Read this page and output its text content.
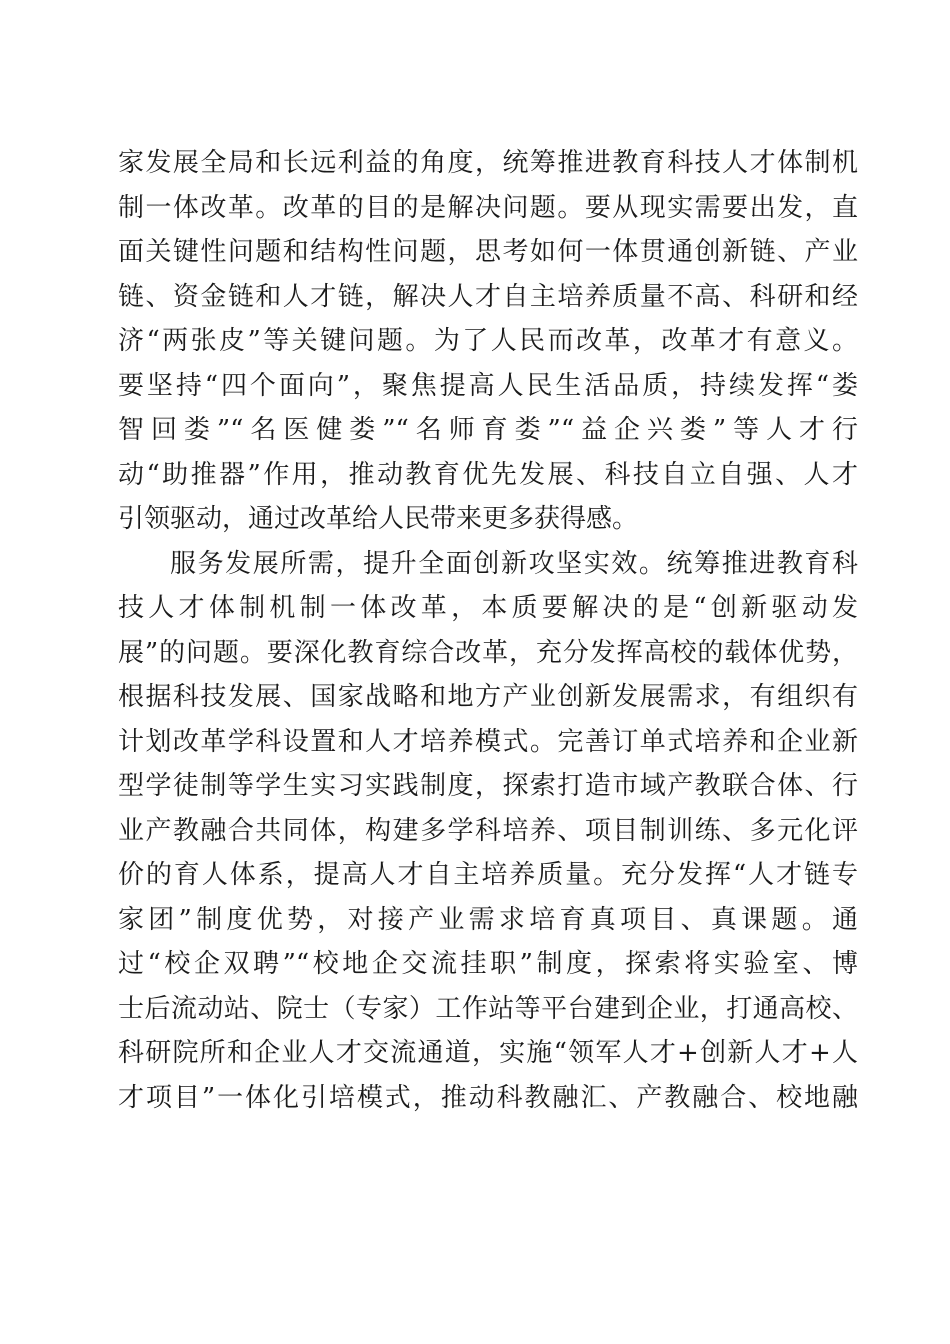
家发展全局和长远利益的角度，统筹推进教育科技人才体制机
制一体改革。改革的目的是解决问题。要从现实需要出发，直
面关键性问题和结构性问题，思考如何一体贯通创新链、产业
链、资金链和人才链，解决人才自主培养质量不高、科研和经
济“两张皮”等关键问题。为了人民而改革，改革才有意义。
要坚持“四个面向”，聚焦提高人民生活品质，持续发挥“娄
智回娄”“名医健娄”“名师育娄”“益企兴娄”等人才行
动“助推器”作用，推动教育优先发展、科技自立自强、人才
引领驱动，通过改革给人民带来更多获得感。
服务发展所需，提升全面创新攻坚实效。统筹推进教育科
技人才体制机制一体改革，本质要解决的是“创新驱动发
展”的问题。要深化教育综合改革，充分发挥高校的载体优势，
根据科技发展、国家战略和地方产业创新发展需求，有组织有
计划改革学科设置和人才培养模式。完善订单式培养和企业新
型学徒制等学生实习实践制度，探索打造市域产教联合体、行
业产教融合共同体，构建多学科培养、项目制训练、多元化评
价的育人体系，提高人才自主培养质量。充分发挥“人才链专
家团”制度优势，对接产业需求培育真项目、真课题。通
过“校企双聘”“校地企交流挂职”制度，探索将实验室、博
士后流动站、院士（专家）工作站等平台建到企业，打通高校、
科研院所和企业人才交流通道，实施“领军人才+创新人才+人
才项目”一体化引培模式，推动科教融汇、产教融合、校地融
